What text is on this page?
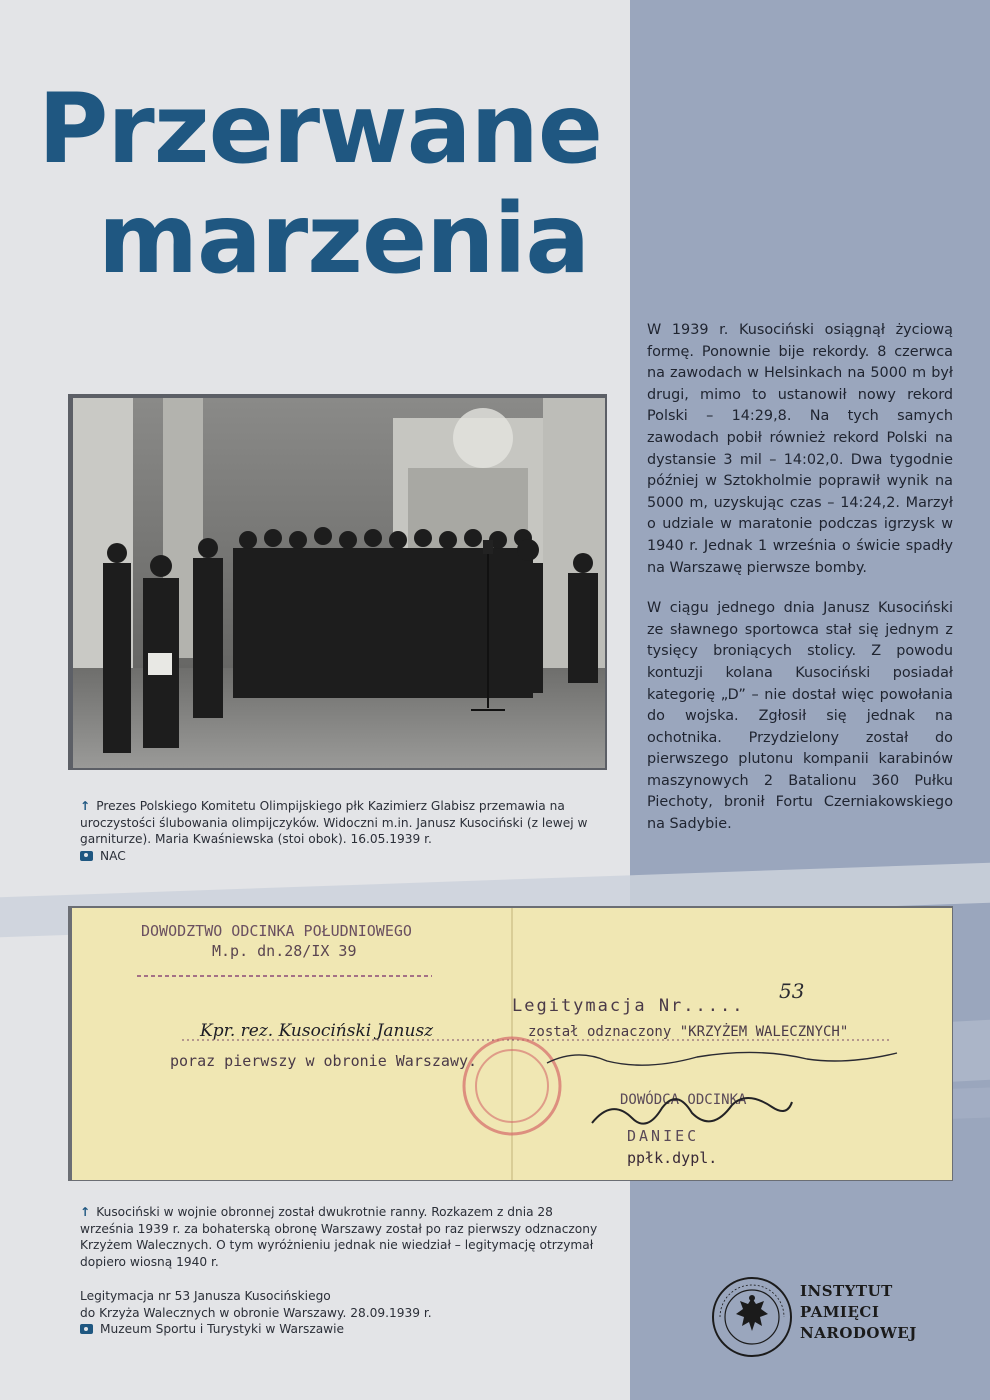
Przerwane
marzenia

W 1939 r. Kusociński osiągnął życiową formę. Ponownie bije rekordy. 8 czerwca na zawodach w Helsinkach na 5000 m był drugi, mimo to ustanowił nowy rekord Polski – 14:29,8. Na tych samych zawodach pobił również rekord Polski na dystansie 3 mil – 14:02,0. Dwa tygodnie później w Sztokholmie poprawił wynik na 5000 m, uzyskując czas – 14:24,2. Marzył o udziale w maratonie podczas igrzysk w 1940 r. Jednak 1 września o świcie spadły na Warszawę pierwsze bomby.

W ciągu jednego dnia Janusz Kusociński ze sławnego sportowca stał się jednym z tysięcy broniących stolicy. Z powodu kontuzji kolana Kusociński posiadał kategorię „D” – nie dostał więc powołania do wojska. Zgłosił się jednak na ochotnika. Przydzielony został do pierwszego plutonu kompanii karabinów maszynowych 2 Batalionu 360 Pułku Piechoty, bronił Fortu Czerniakowskiego na Sadybie.

↑ Prezes Polskiego Komitetu Olimpijskiego płk Kazimierz Glabisz przemawia na uroczystości ślubowania olimpijczyków. Widoczni m.in. Janusz Kusociński (z lewej w garniturze). Maria Kwaśniewska (stoi obok). 16.05.1939 r.
NAC
DOWODZTWO ODCINKA POŁUDNIOWEGO
M.p. dn.28/IX 39
Legitymacja Nr.....
53
Kpr. rez. Kusociński Janusz	został odznaczony "KRZYŻEM WALECZNYCH"
poraz pierwszy w obronie Warszawy.
DOWÓDCA ODCINKA
DANIEC
ppłk.dypl.
↑ Kusociński w wojnie obronnej został dwukrotnie ranny. Rozkazem z dnia 28 września 1939 r. za bohaterską obronę Warszawy został po raz pierwszy odznaczony Krzyżem Walecznych. O tym wyróżnieniu jednak nie wiedział – legitymację otrzymał dopiero wiosną 1940 r.
Legitymacja nr 53 Janusza Kusocińskiego
do Krzyża Walecznych w obronie Warszawy. 28.09.1939 r.
Muzeum Sportu i Turystyki w Warszawie
INSTYTUT
PAMIĘCI
NARODOWEJ
